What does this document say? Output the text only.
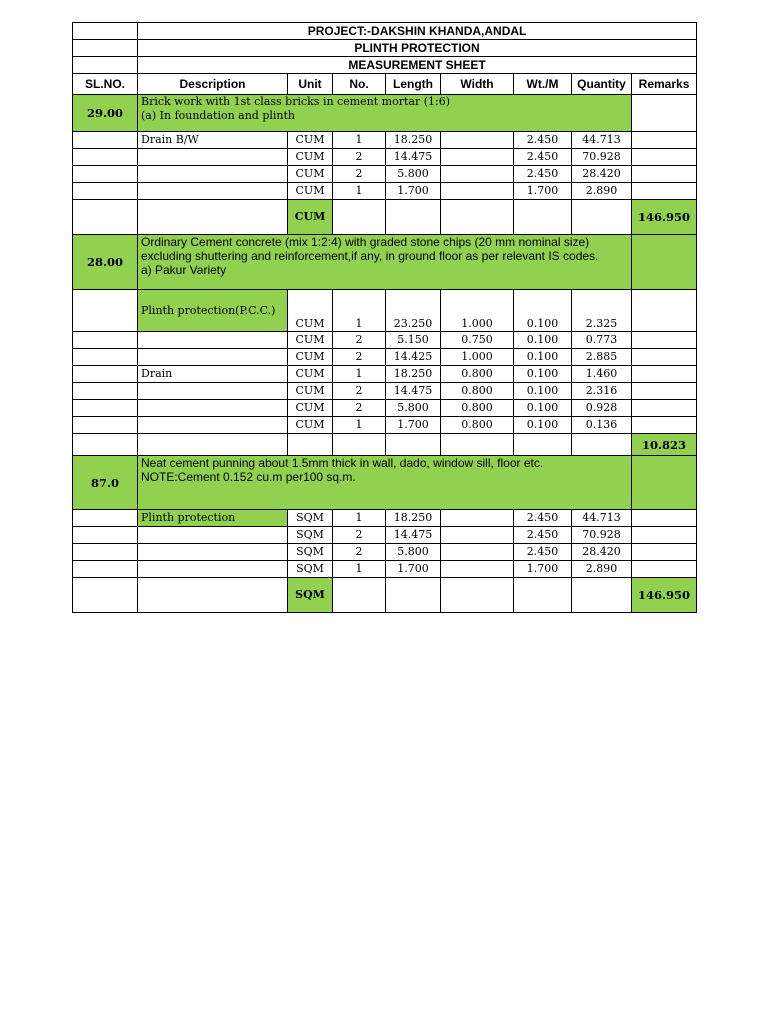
	PROJECT:-DAKSHIN KHANDA,ANDAL							
	PLINTH PROTECTION							
	MEASUREMENT SHEET							
SL.NO.	Description	Unit	No.	Length	Width	Wt./M	Quantity	Remarks
29.00	Brick work with 1st class bricks in cement mortar (1:6)
(a) In foundation and plinth							

	Drain B/W	CUM	1	18.250		2.450	44.713	
		CUM	2	14.475		2.450	70.928	
		CUM	2	5.800		2.450	28.420	
		CUM	1	1.700		1.700	2.890	
		CUM						146.950
28.00	Ordinary Cement concrete (mix 1:2:4) with graded stone chips (20 mm nominal size)
excluding shuttering and reinforcement,if any, in ground floor as per relevant IS codes.
a) Pakur Variety							

	Plinth protection(P.C.C.)	CUM	1	23.250	1.000	0.100	2.325	
		CUM	2	5.150	0.750	0.100	0.773	
		CUM	2	14.425	1.000	0.100	2.885	
	Drain	CUM	1	18.250	0.800	0.100	1.460	
		CUM	2	14.475	0.800	0.100	2.316	
		CUM	2	5.800	0.800	0.100	0.928	
		CUM	1	1.700	0.800	0.100	0.136	
								10.823
87.0	Neat cement punning about 1.5mm thick in wall, dado, window sill, floor etc.
NOTE:Cement 0.152 cu.m per100 sq.m.							

	Plinth protection	SQM	1	18.250		2.450	44.713	
		SQM	2	14.475		2.450	70.928	
		SQM	2	5.800		2.450	28.420	
		SQM	1	1.700		1.700	2.890	
		SQM						146.950
